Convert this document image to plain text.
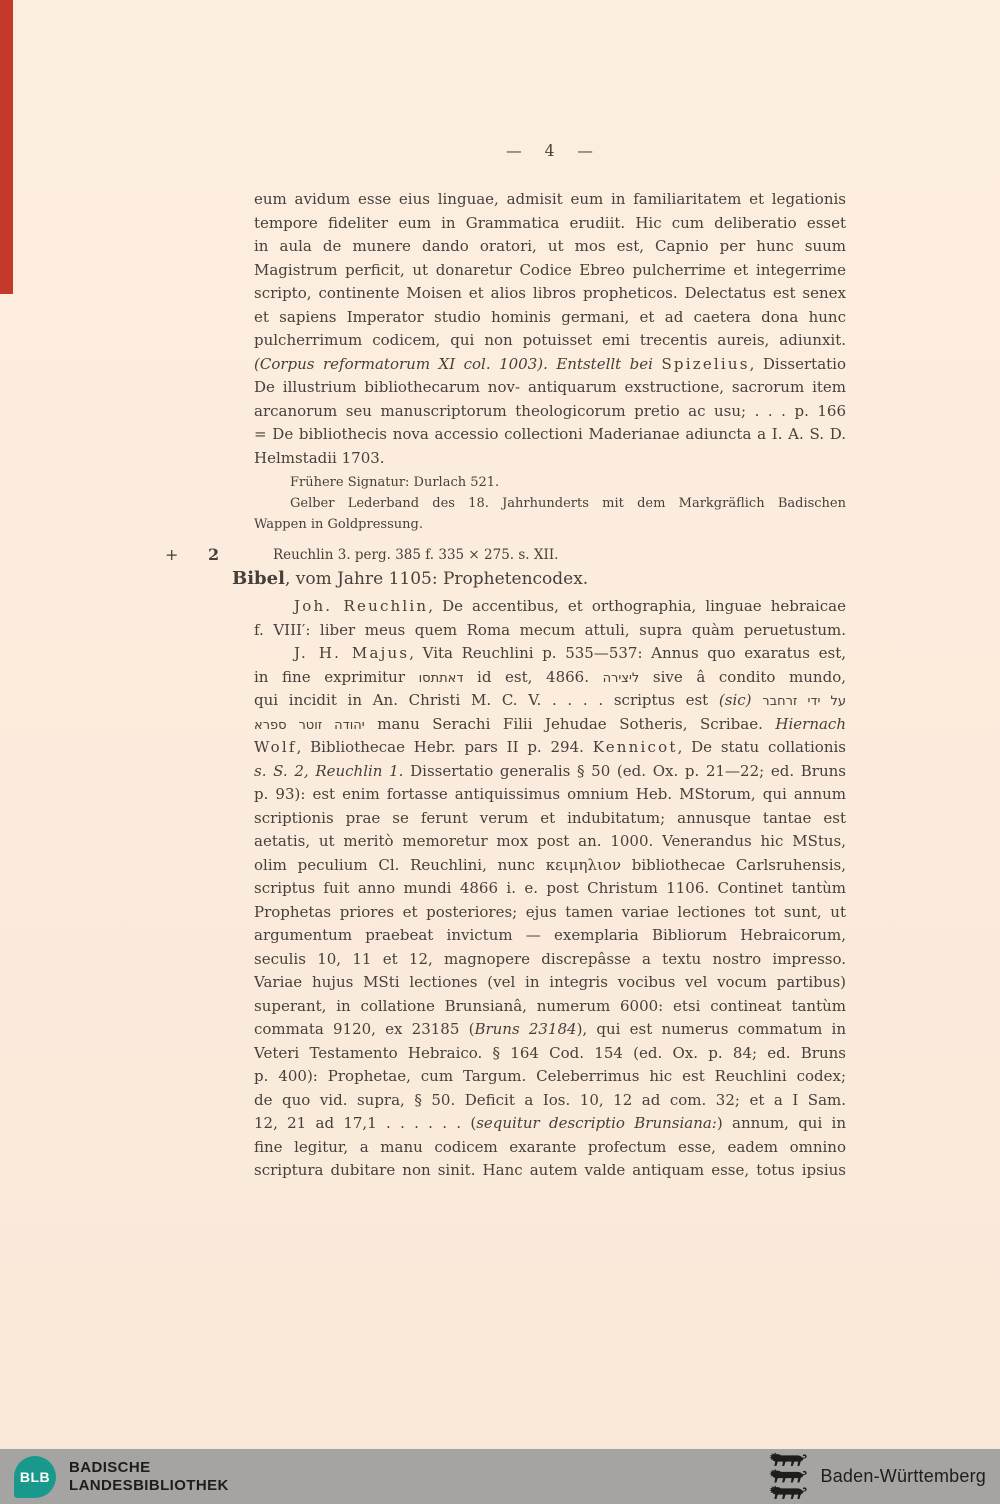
— 4 —
eum avidum esse eius linguae, admisit eum in familiaritatem et legationis
tempore fideliter eum in Grammatica erudiit. Hic cum deliberatio esset
in aula de munere dando oratori, ut mos est, Capnio per hunc suum
Magistrum perficit, ut donaretur Codice Ebreo pulcherrime et integerrime
scripto, continente Moisen et alios libros propheticos. Delectatus est senex
et sapiens Imperator studio hominis germani, et ad caetera dona hunc
pulcherrimum codicem, qui non potuisset emi trecentis aureis, adiunxit.
(Corpus reformatorum XI col. 1003). Entstellt bei Spizelius, Dissertatio
De illustrium bibliothecarum nov- antiquarum exstructione, sacrorum item
arcanorum seu manuscriptorum theologicorum pretio ac usu; . . . p. 166
= De bibliothecis nova accessio collectioni Maderianae adiuncta a I. A. S. D.
Helmstadii 1703.
Frühere Signatur: Durlach 521.
Gelber Lederband des 18. Jahrhunderts mit dem Markgräflich Badischen
Wappen in Goldpressung.
+ 2	Reuchlin 3. perg. 385 f. 335 × 275. s. XII.
Bibel, vom Jahre 1105: Prophetencodex.
Joh. Reuchlin, De accentibus, et orthographia, linguae hebraicae
f. VIII′: liber meus quem Roma mecum attuli, supra quàm peruetustum.
J. H. Majus, Vita Reuchlini p. 535—537: Annus quo exaratus est,
in fine exprimitur דאתתסו id est, 4866. ליצירה sive â condito mundo,
qui incidit in An. Christi M. C. V. . . . . scriptus est (sic) על ידי זרחבר
יהודה זוטר ספרא manu Serachi Filii Jehudae Sotheris, Scribae. Hiernach
Wolf, Bibliothecae Hebr. pars II p. 294. Kennicot, De statu collationis
s. S. 2, Reuchlin 1. Dissertatio generalis § 50 (ed. Ox. p. 21—22; ed. Bruns
p. 93): est enim fortasse antiquissimus omnium Heb. MStorum, qui annum
scriptionis prae se ferunt verum et indubitatum; annusque tantae est
aetatis, ut meritò memoretur mox post an. 1000. Venerandus hic MStus,
olim peculium Cl. Reuchlini, nunc κειμηλιον bibliothecae Carlsruhensis,
scriptus fuit anno mundi 4866 i. e. post Christum 1106. Continet tantùm
Prophetas priores et posteriores; ejus tamen variae lectiones tot sunt, ut
argumentum praebeat invictum — exemplaria Bibliorum Hebraicorum,
seculis 10, 11 et 12, magnopere discrepâsse a textu nostro impresso.
Variae hujus MSti lectiones (vel in integris vocibus vel vocum partibus)
superant, in collatione Brunsianâ, numerum 6000: etsi contineat tantùm
commata 9120, ex 23185 (Bruns 23184), qui est numerus commatum in
Veteri Testamento Hebraico. § 164 Cod. 154 (ed. Ox. p. 84; ed. Bruns
p. 400): Prophetae, cum Targum. Celeberrimus hic est Reuchlini codex;
de quo vid. supra, § 50. Deficit a Ios. 10, 12 ad com. 32; et a I Sam.
12, 21 ad 17,1 . . . . . . (sequitur descriptio Brunsiana:) annum, qui in
fine legitur, a manu codicem exarante profectum esse, eadem omnino
scriptura dubitare non sinit. Hanc autem valde antiquam esse, totus ipsius
BLB
BADISCHE
LANDESBIBLIOTHEK	Baden-Württemberg
